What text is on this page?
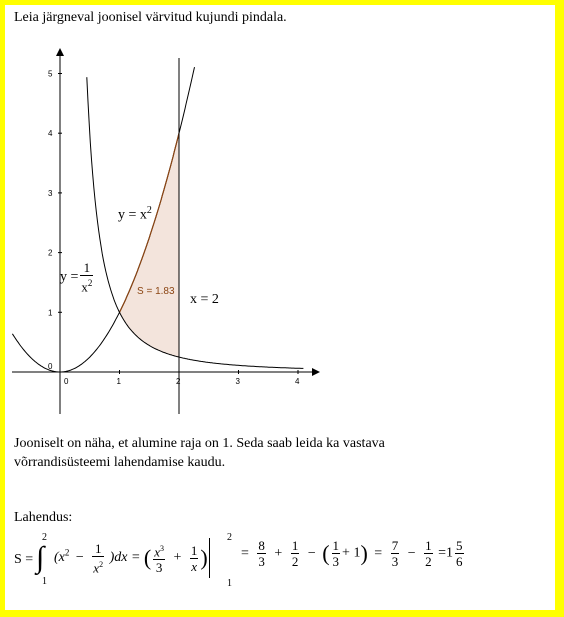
Leia järgneval joonisel värvitud kujundi pindala.
1	2	3	4
0
0
1
2
3
4
5
S = 1.83
$y = x^2$
$y = \frac{1}{x^2}$
x = 2
Jooniselt on näha, et alumine raja on 1. Seda saab leida ka vastava
võrrandisüsteemi lahendamise kaudu.
Lahendus:
S =
2
∫
1
$(x^2 - \frac{1}{x^2} )dx$ = ( $\frac{x^3}{3} + \frac{1}{x}$ )
2
1
= $\frac{8}{3} + \frac{1}{2}$ − ( $\frac{1}{3} + 1) = \frac{7}{3} - \frac{1}{2} =1 \frac{5}{6}$
